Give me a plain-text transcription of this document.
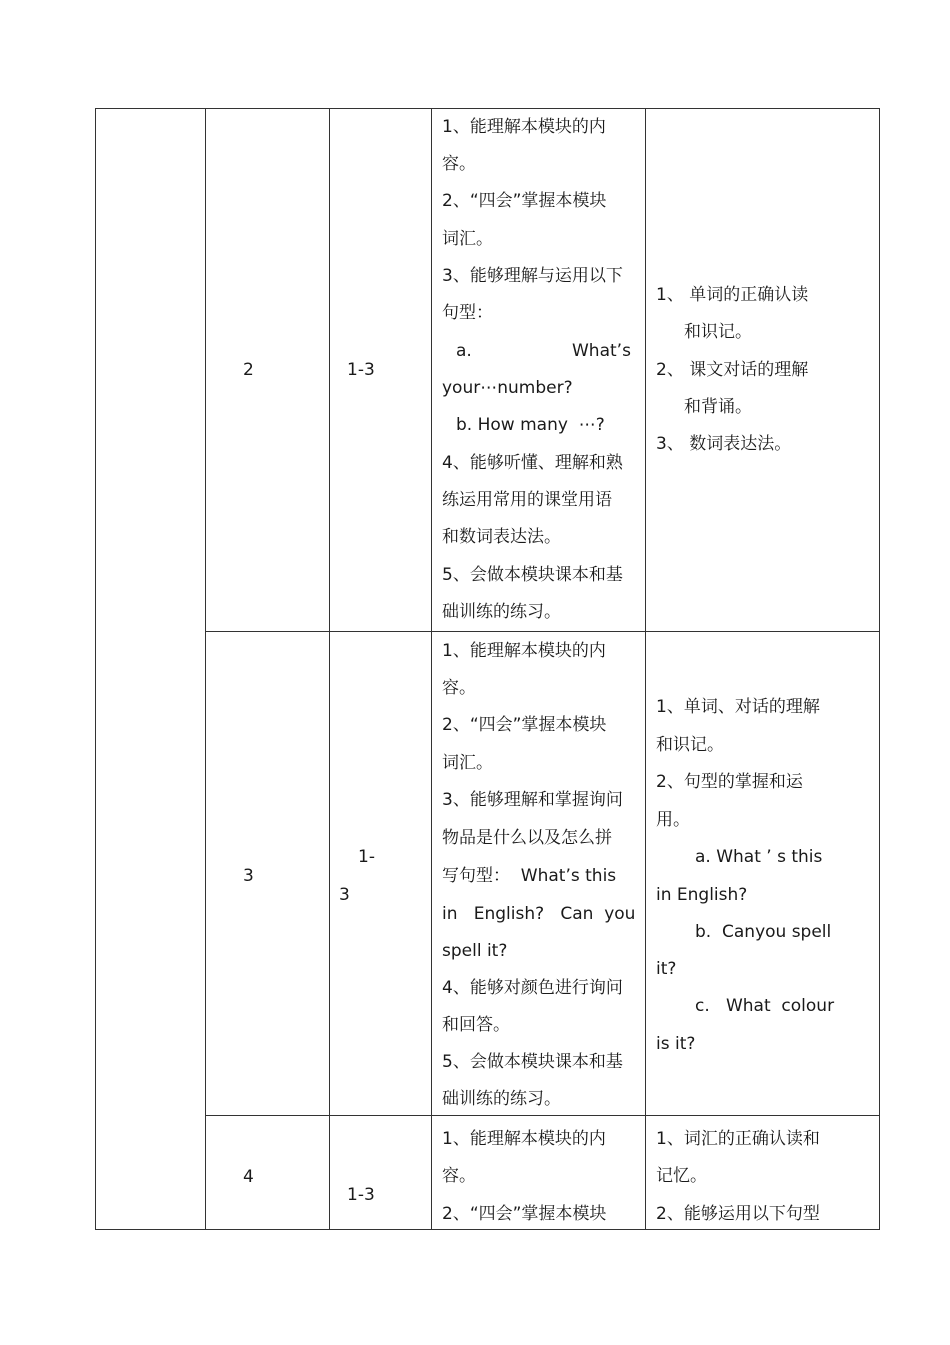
2	1-3
1、能理解本模块的内
容。
2、“四会”掌握本模块
词汇。
3、能够理解与运用以下
句型：
a.	What’s
your⋯number?
b. How many  ⋯?
4、能够听懂、理解和熟
练运用常用的课堂用语
和数词表达法。
5、会做本模块课本和基
础训练的练习。
1、 单词的正确认读
和识记。
2、 课文对话的理解
和背诵。
3、 数词表达法。
3
1-
3
1、能理解本模块的内
容。
2、“四会”掌握本模块
词汇。
3、能够理解和掌握询问
物品是什么以及怎么拼
写句型：  What’s this
in   English?   Can  you
spell it?
4、能够对颜色进行询问
和回答。
5、会做本模块课本和基
础训练的练习。
1、单词、对话的理解
和识记。
2、句型的掌握和运
用。
a. What ’ s this
in English?
b.  Canyou spell
it?
c.   What  colour
is it?
4
1-3
1、能理解本模块的内
容。
2、“四会”掌握本模块
1、词汇的正确认读和
记忆。
2、能够运用以下句型
